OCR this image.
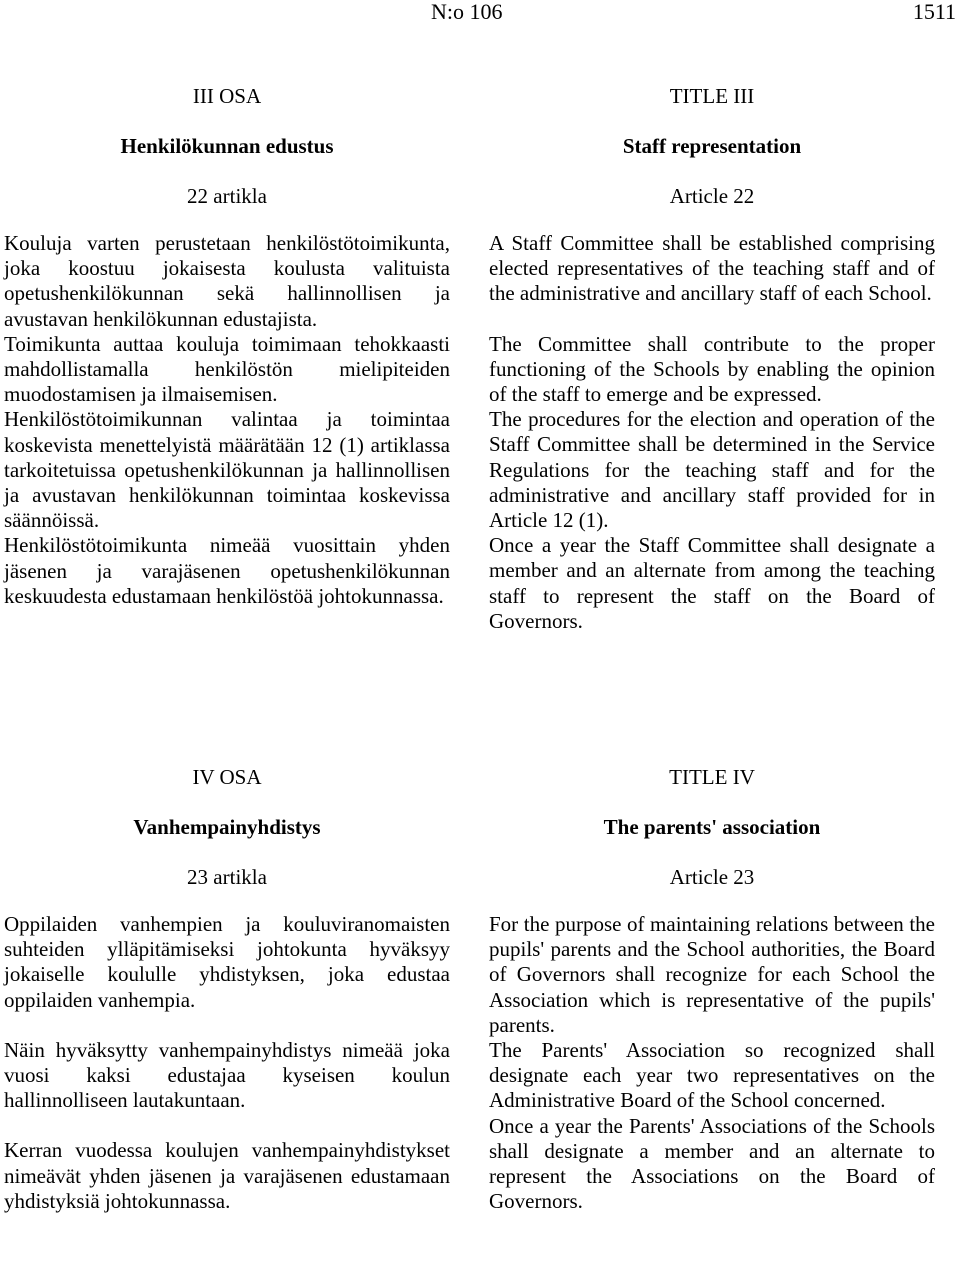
N:o 106	1511
III OSA
Henkilökunnan edustus
22 artikla

Kouluja varten perustetaan henkilöstötoimikunta, joka koostuu jokaisesta koulusta valituista opetushenkilökunnan sekä hallinnollisen ja avustavan henkilökunnan edustajista.

Toimikunta auttaa kouluja toimimaan tehokkaasti mahdollistamalla henkilöstön mielipiteiden muodostamisen ja ilmaisemisen.

Henkilöstötoimikunnan valintaa ja toimintaa koskevista menettelyistä määrätään 12 (1) artiklassa tarkoitetuissa opetushenkilökunnan ja hallinnollisen ja avustavan henkilökunnan toimintaa koskevissa säännöissä.

Henkilöstötoimikunta nimeää vuosittain yhden jäsenen ja varajäsenen opetushenkilökunnan keskuudesta edustamaan henkilöstöä johtokunnassa.

TITLE III
Staff representation
Article 22

A Staff Committee shall be established comprising elected representatives of the teaching staff and of the administrative and ancillary staff of each School.

The Committee shall contribute to the proper functioning of the Schools by enabling the opinion of the staff to emerge and be expressed.

The procedures for the election and operation of the Staff Committee shall be determined in the Service Regulations for the teaching staff and for the administrative and ancillary staff provided for in Article 12 (1).

Once a year the Staff Committee shall designate a member and an alternate from among the teaching staff to represent the staff on the Board of Governors.

IV OSA
Vanhempainyhdistys
23 artikla

Oppilaiden vanhempien ja kouluviranomaisten suhteiden ylläpitämiseksi johtokunta hyväksyy jokaiselle koululle yhdistyksen, joka edustaa oppilaiden vanhempia.

Näin hyväksytty vanhempainyhdistys nimeää joka vuosi kaksi edustajaa kyseisen koulun hallinnolliseen lautakuntaan.

Kerran vuodessa koulujen vanhempainyhdistykset nimeävät yhden jäsenen ja varajäsenen edustamaan yhdistyksiä johtokunnassa.

TITLE IV
The parents' association
Article 23

For the purpose of maintaining relations between the pupils' parents and the School authorities, the Board of Governors shall recognize for each School the Association which is representative of the pupils' parents.

The Parents' Association so recognized shall designate each year two representatives on the Administrative Board of the School concerned.

Once a year the Parents' Associations of the Schools shall designate a member and an alternate to represent the Associations on the Board of Governors.
